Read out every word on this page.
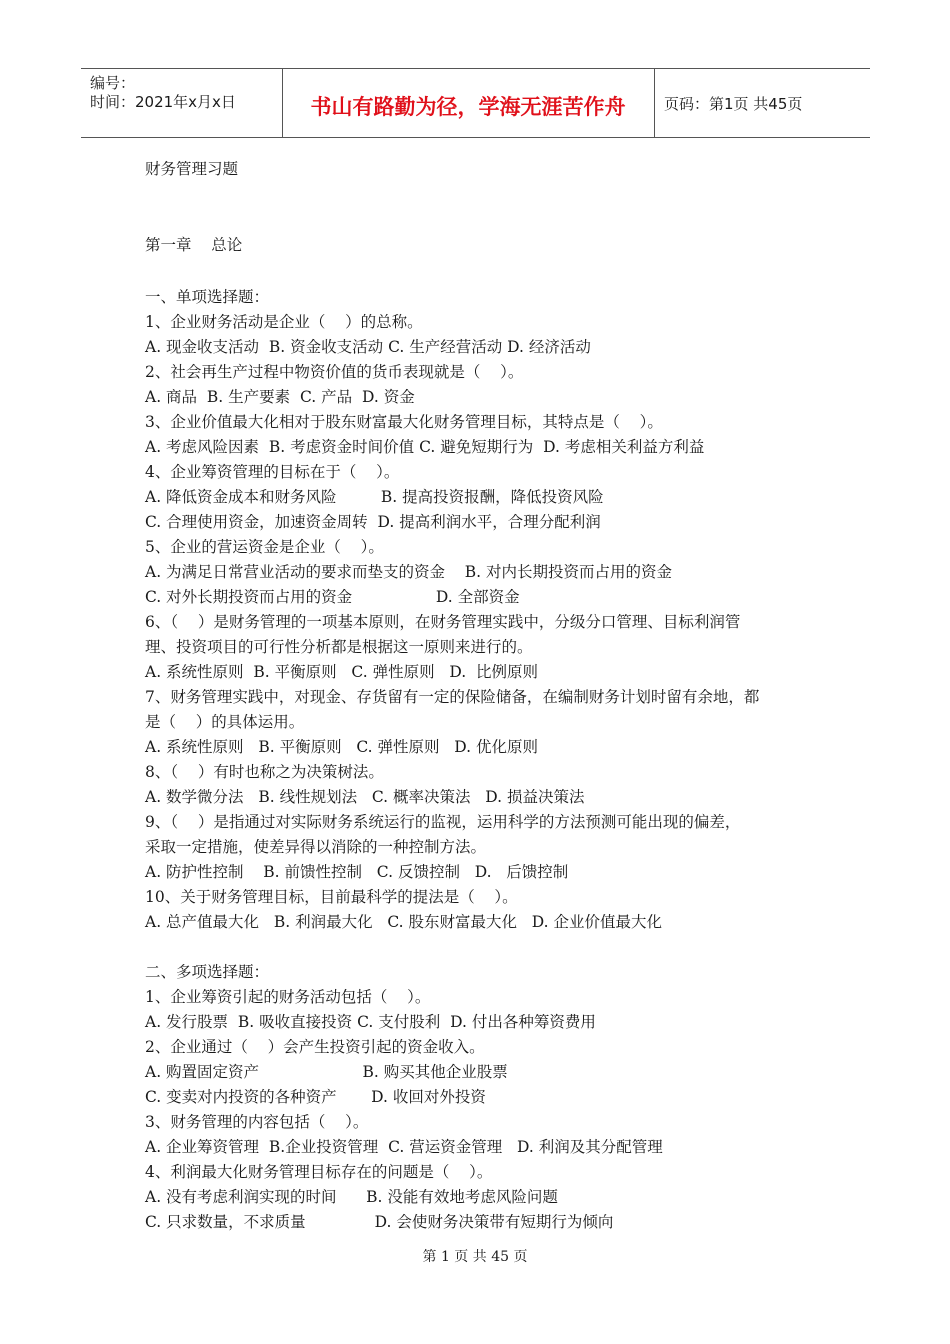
编号：
时间：2021年x月x日	书山有路勤为径，学海无涯苦作舟	页码：第1页 共45页
财务管理习题
第一章    总论
一、单项选择题：
1、企业财务活动是企业（    ）的总称。
A. 现金收支活动  B. 资金收支活动 C. 生产经营活动 D. 经济活动
2、社会再生产过程中物资价值的货币表现就是（    ）。
A. 商品  B. 生产要素  C. 产品  D. 资金
3、企业价值最大化相对于股东财富最大化财务管理目标，其特点是（    ）。
A. 考虑风险因素  B. 考虑资金时间价值 C. 避免短期行为  D. 考虑相关利益方利益
4、企业筹资管理的目标在于（    ）。
A. 降低资金成本和财务风险         B. 提高投资报酬，降低投资风险
C. 合理使用资金，加速资金周转  D. 提高利润水平，合理分配利润
5、企业的营运资金是企业（    ）。
A. 为满足日常营业活动的要求而垫支的资金    B. 对内长期投资而占用的资金
C. 对外长期投资而占用的资金                 D. 全部资金
6、（    ）是财务管理的一项基本原则，在财务管理实践中，分级分口管理、目标利润管
理、投资项目的可行性分析都是根据这一原则来进行的。
A. 系统性原则  B. 平衡原则   C. 弹性原则   D.  比例原则
7、财务管理实践中，对现金、存货留有一定的保险储备，在编制财务计划时留有余地，都
是（    ）的具体运用。
A. 系统性原则   B. 平衡原则   C. 弹性原则   D. 优化原则
8、（    ）有时也称之为决策树法。
A. 数学微分法   B. 线性规划法   C. 概率决策法   D. 损益决策法
9、（    ）是指通过对实际财务系统运行的监视，运用科学的方法预测可能出现的偏差，
采取一定措施，使差异得以消除的一种控制方法。
A. 防护性控制    B. 前馈性控制   C. 反馈控制   D.   后馈控制
10、关于财务管理目标，目前最科学的提法是（    ）。
A. 总产值最大化   B. 利润最大化   C. 股东财富最大化   D. 企业价值最大化
二、多项选择题：
1、企业筹资引起的财务活动包括（    ）。
A. 发行股票  B. 吸收直接投资 C. 支付股利  D. 付出各种筹资费用
2、企业通过（    ）会产生投资引起的资金收入。
A. 购置固定资产                     B. 购买其他企业股票
C. 变卖对内投资的各种资产       D. 收回对外投资
3、财务管理的内容包括（    ）。
A. 企业筹资管理  B.企业投资管理  C. 营运资金管理   D. 利润及其分配管理
4、利润最大化财务管理目标存在的问题是（    ）。
A. 没有考虑利润实现的时间      B. 没能有效地考虑风险问题
C. 只求数量，不求质量              D. 会使财务决策带有短期行为倾向
第 1 页 共 45 页
